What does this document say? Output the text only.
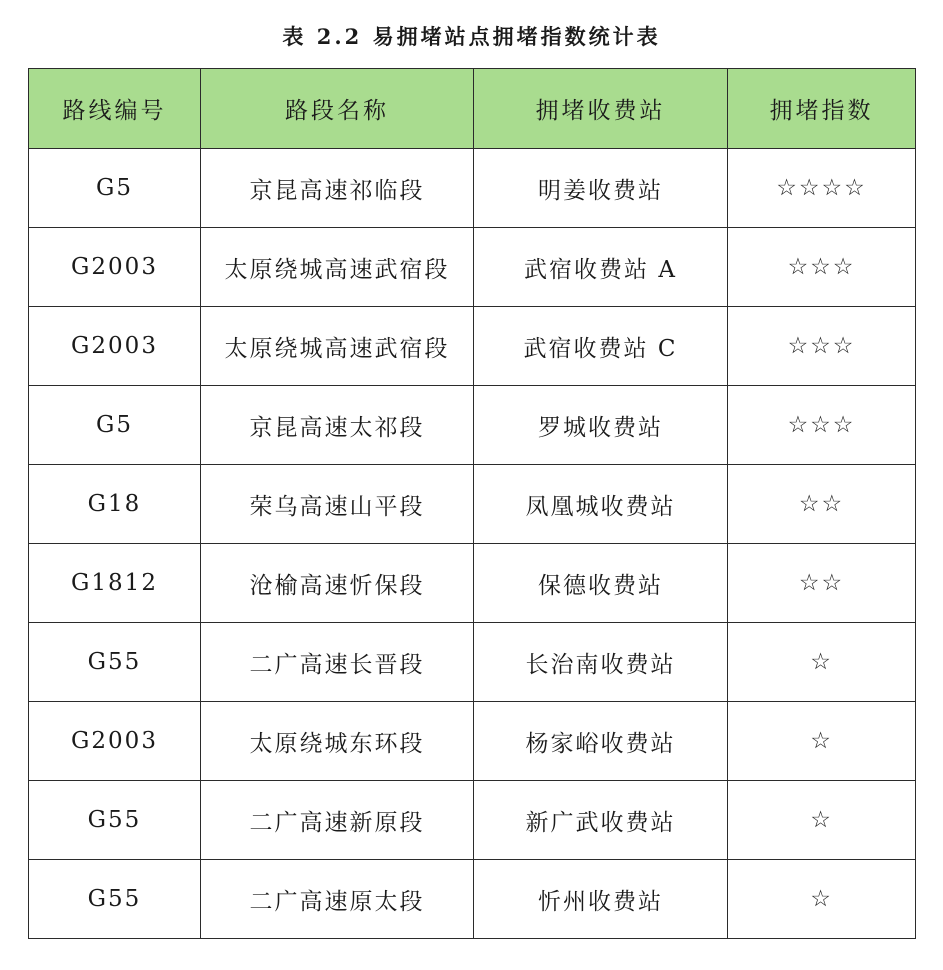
表 2.2 易拥堵站点拥堵指数统计表
路线编号	路段名称	拥堵收费站	拥堵指数
G5	京昆高速祁临段	明姜收费站	☆☆☆☆
G2003	太原绕城高速武宿段	武宿收费站 A	☆☆☆
G2003	太原绕城高速武宿段	武宿收费站 C	☆☆☆
G5	京昆高速太祁段	罗城收费站	☆☆☆
G18	荣乌高速山平段	凤凰城收费站	☆☆
G1812	沧榆高速忻保段	保德收费站	☆☆
G55	二广高速长晋段	长治南收费站	☆
G2003	太原绕城东环段	杨家峪收费站	☆
G55	二广高速新原段	新广武收费站	☆
G55	二广高速原太段	忻州收费站	☆
